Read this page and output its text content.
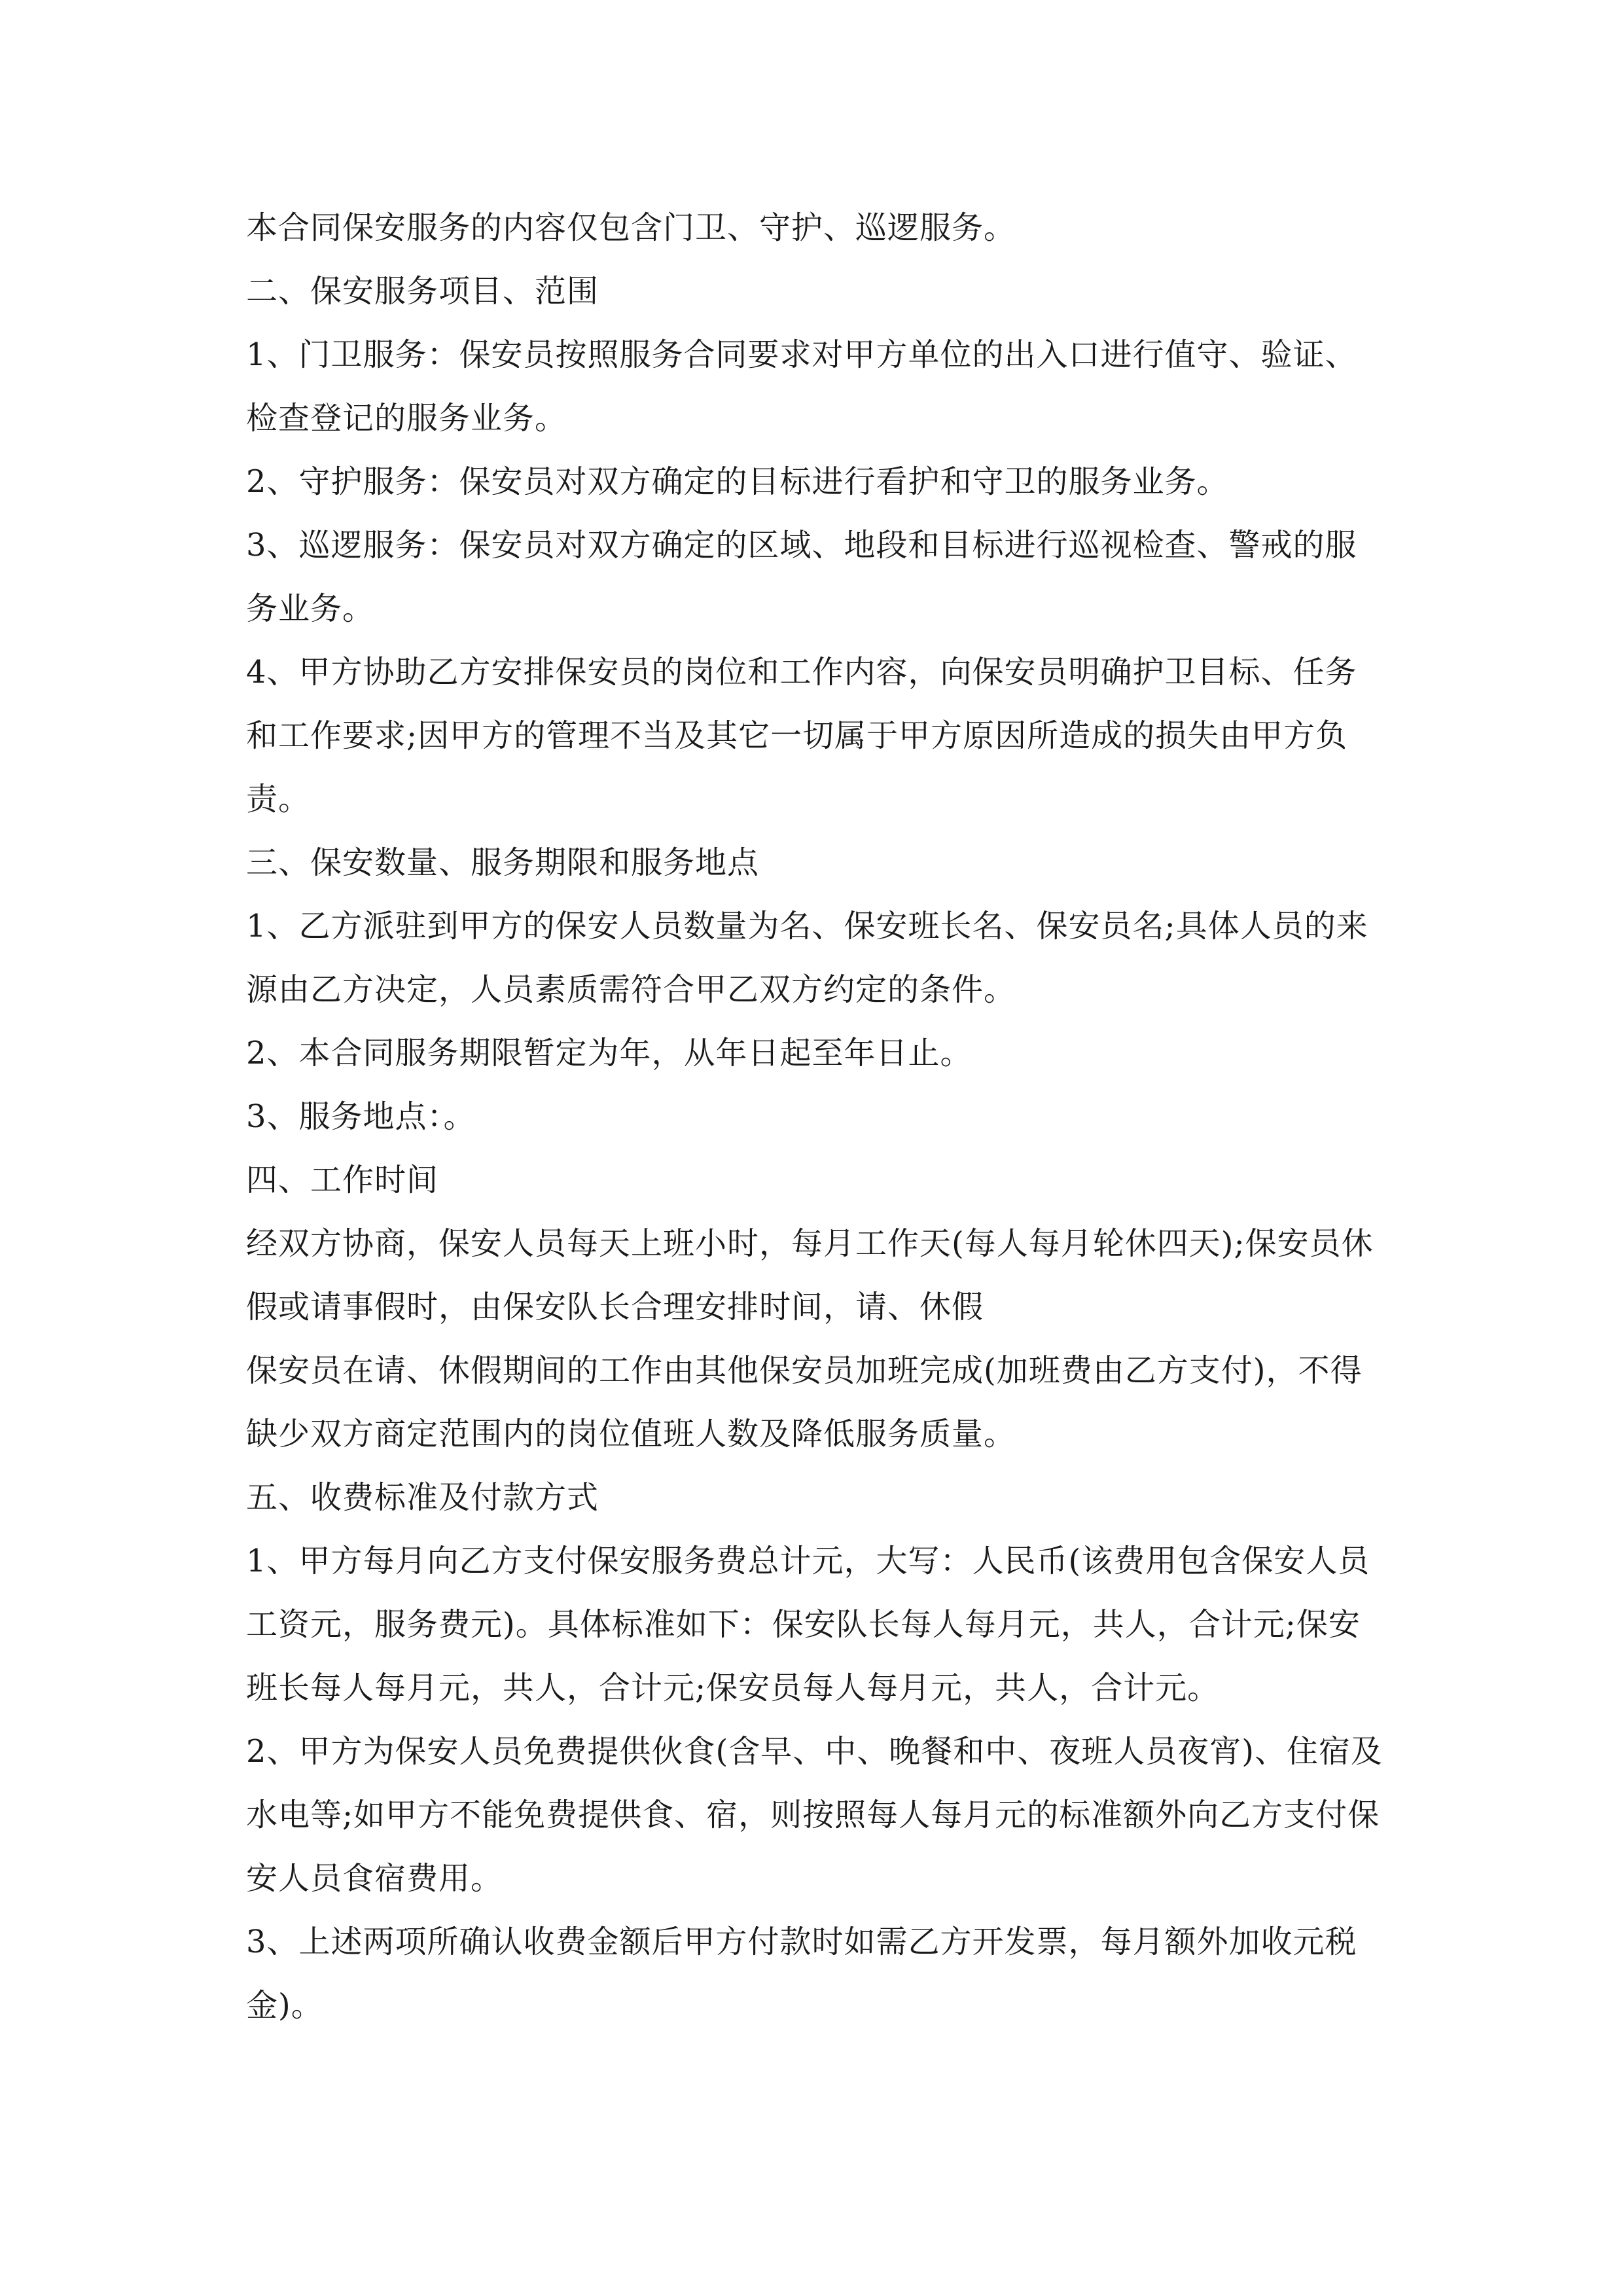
本合同保安服务的内容仅包含门卫、守护、巡逻服务。

二、保安服务项目、范围

1、门卫服务：保安员按照服务合同要求对甲方单位的出入口进行值守、验证、检查登记的服务业务。

2、守护服务：保安员对双方确定的目标进行看护和守卫的服务业务。

3、巡逻服务：保安员对双方确定的区域、地段和目标进行巡视检查、警戒的服务业务。

4、甲方协助乙方安排保安员的岗位和工作内容，向保安员明确护卫目标、任务和工作要求;因甲方的管理不当及其它一切属于甲方原因所造成的损失由甲方负责。

三、保安数量、服务期限和服务地点

1、乙方派驻到甲方的保安人员数量为名、保安班长名、保安员名;具体人员的来源由乙方决定，人员素质需符合甲乙双方约定的条件。

2、本合同服务期限暂定为年，从年日起至年日止。

3、服务地点：。

四、工作时间

经双方协商，保安人员每天上班小时，每月工作天(每人每月轮休四天);保安员休假或请事假时，由保安队长合理安排时间，请、休假

保安员在请、休假期间的工作由其他保安员加班完成(加班费由乙方支付)，不得缺少双方商定范围内的岗位值班人数及降低服务质量。

五、收费标准及付款方式

1、甲方每月向乙方支付保安服务费总计元，大写：人民币(该费用包含保安人员工资元，服务费元)。具体标准如下：保安队长每人每月元，共人，合计元;保安班长每人每月元，共人，合计元;保安员每人每月元，共人，合计元。

2、甲方为保安人员免费提供伙食(含早、中、晚餐和中、夜班人员夜宵)、住宿及水电等;如甲方不能免费提供食、宿，则按照每人每月元的标准额外向乙方支付保安人员食宿费用。

3、上述两项所确认收费金额后甲方付款时如需乙方开发票，每月额外加收元税金)。
